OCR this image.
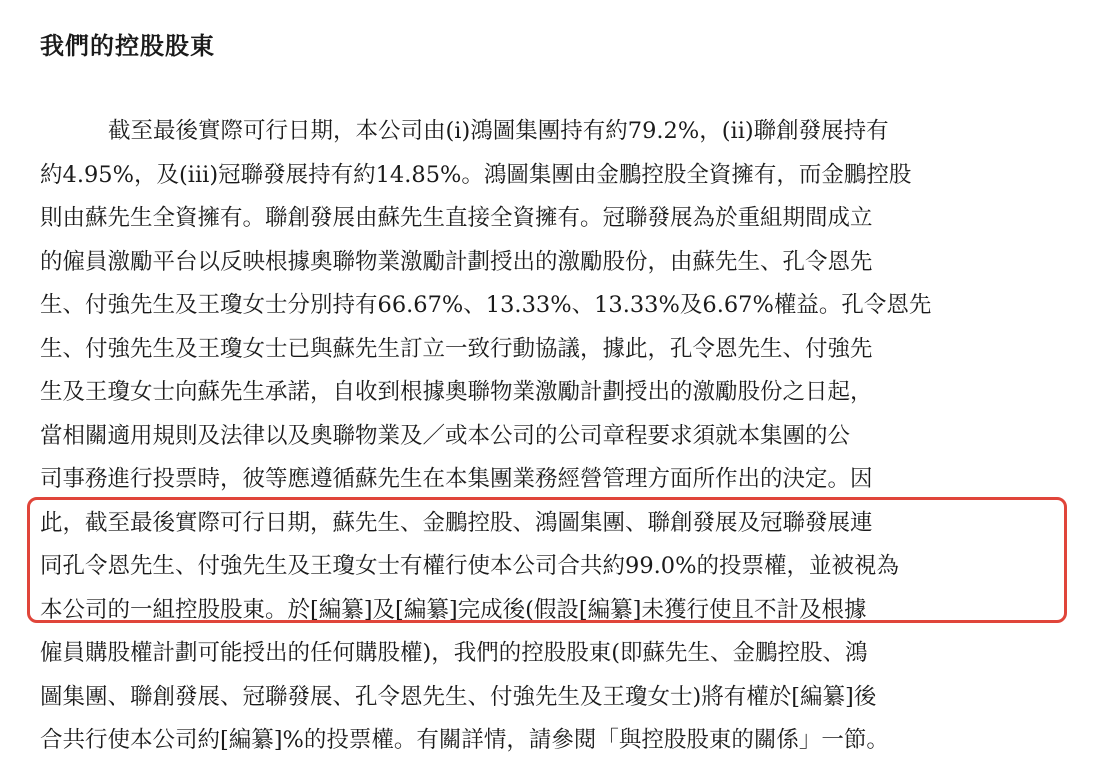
我們的控股股東
截至最後實際可行日期，本公司由(i)鴻圖集團持有約79.2%，(ii)聯創發展持有
約4.95%，及(iii)冠聯發展持有約14.85%。鴻圖集團由金鵬控股全資擁有，而金鵬控股
則由蘇先生全資擁有。聯創發展由蘇先生直接全資擁有。冠聯發展為於重組期間成立
的僱員激勵平台以反映根據奧聯物業激勵計劃授出的激勵股份，由蘇先生、孔令恩先
生、付強先生及王瓊女士分別持有66.67%、13.33%、13.33%及6.67%權益。孔令恩先
生、付強先生及王瓊女士已與蘇先生訂立一致行動協議，據此，孔令恩先生、付強先
生及王瓊女士向蘇先生承諾，自收到根據奧聯物業激勵計劃授出的激勵股份之日起，
當相關適用規則及法律以及奧聯物業及／或本公司的公司章程要求須就本集團的公
司事務進行投票時，彼等應遵循蘇先生在本集團業務經營管理方面所作出的決定。因
此，截至最後實際可行日期，蘇先生、金鵬控股、鴻圖集團、聯創發展及冠聯發展連
同孔令恩先生、付強先生及王瓊女士有權行使本公司合共約99.0%的投票權，並被視為
本公司的一組控股股東。於[編纂]及[編纂]完成後(假設[編纂]未獲行使且不計及根據
僱員購股權計劃可能授出的任何購股權)，我們的控股股東(即蘇先生、金鵬控股、鴻
圖集團、聯創發展、冠聯發展、孔令恩先生、付強先生及王瓊女士)將有權於[編纂]後
合共行使本公司約[編纂]%的投票權。有關詳情，請參閱「與控股股東的關係」一節。
